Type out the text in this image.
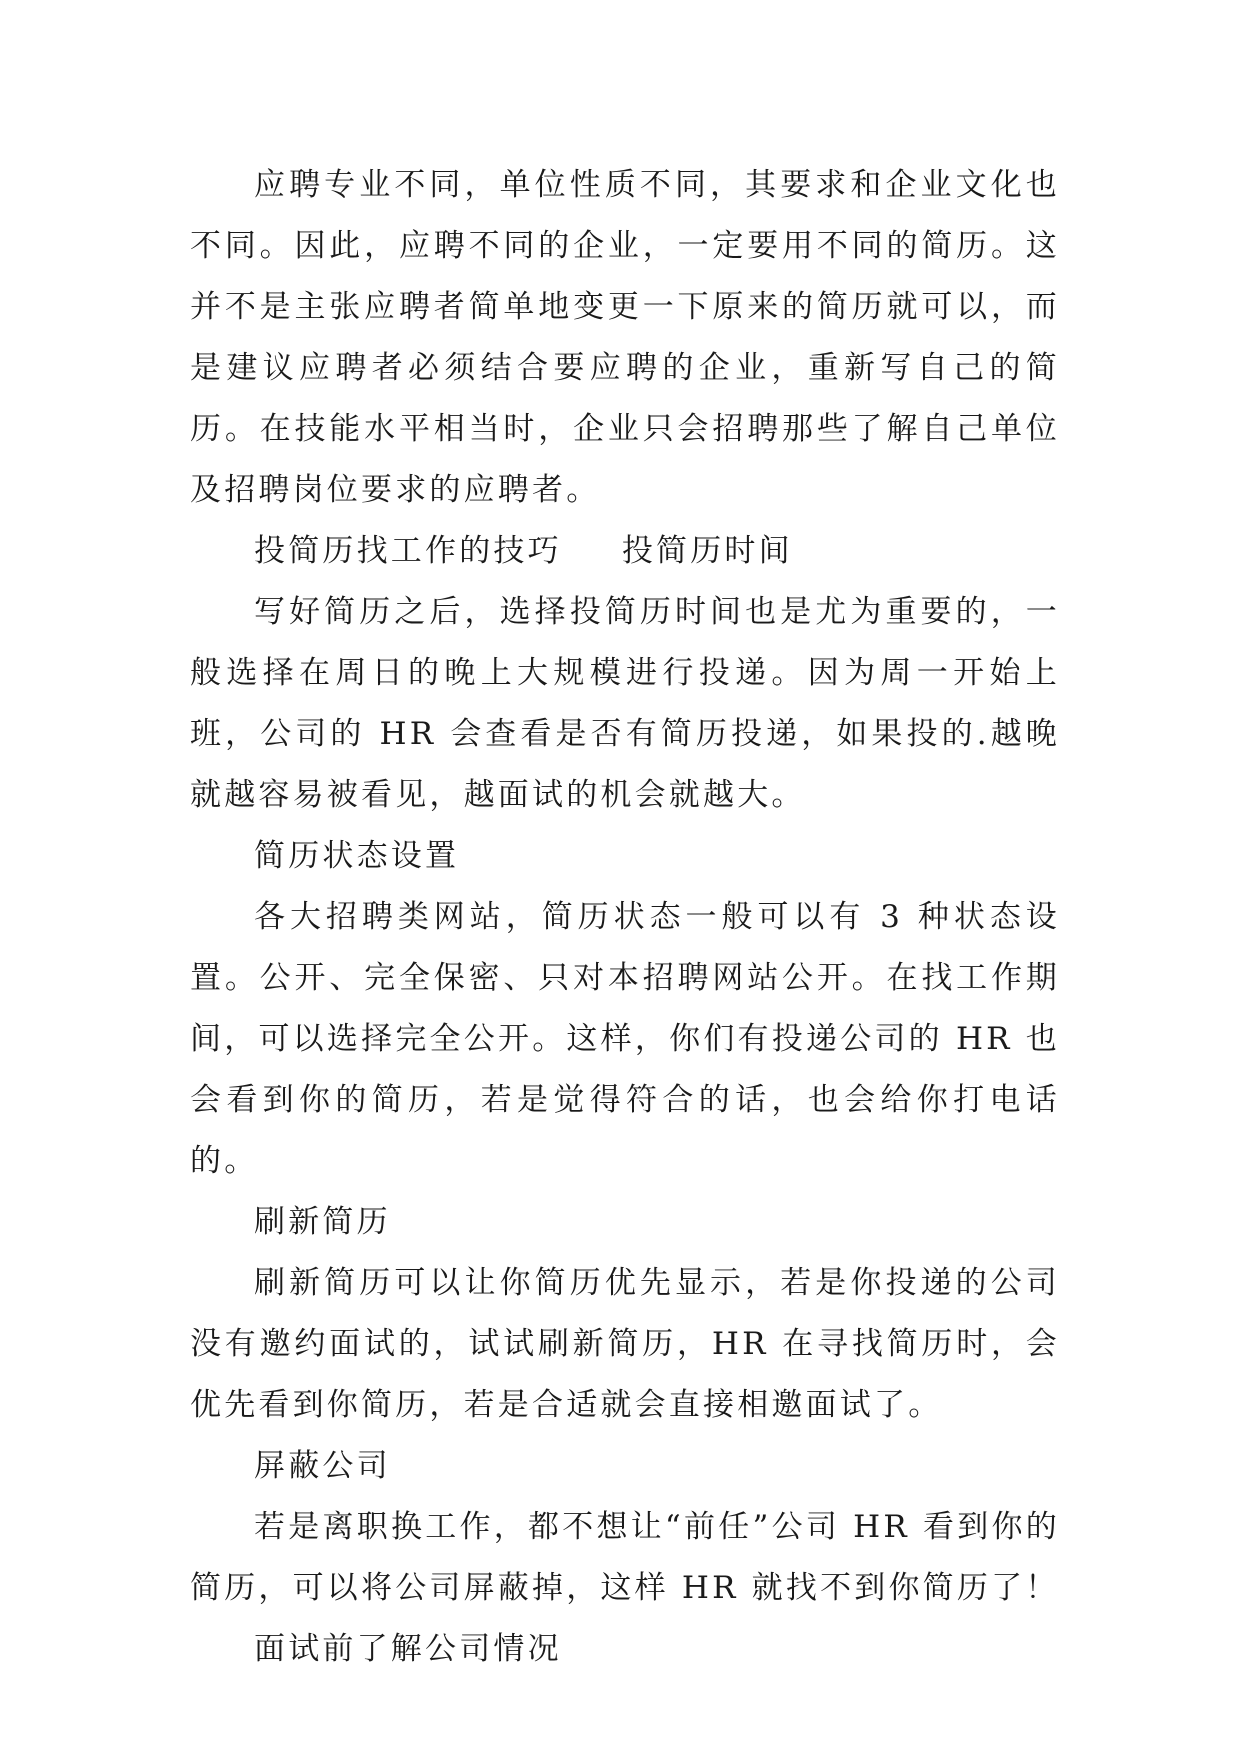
应聘专业不同，单位性质不同，其要求和企业文化也不同。因此，应聘不同的企业，一定要用不同的简历。这并不是主张应聘者简单地变更一下原来的简历就可以，而是建议应聘者必须结合要应聘的企业，重新写自己的简历。在技能水平相当时，企业只会招聘那些了解自己单位及招聘岗位要求的应聘者。

投简历找工作的技巧 投简历时间

写好简历之后，选择投简历时间也是尤为重要的，一般选择在周日的晚上大规模进行投递。因为周一开始上班，公司的 HR 会查看是否有简历投递，如果投的.越晚就越容易被看见，越面试的机会就越大。

简历状态设置

各大招聘类网站，简历状态一般可以有 3 种状态设置。公开、完全保密、只对本招聘网站公开。在找工作期间，可以选择完全公开。这样，你们有投递公司的 HR 也会看到你的简历，若是觉得符合的话，也会给你打电话的。

刷新简历

刷新简历可以让你简历优先显示，若是你投递的公司没有邀约面试的，试试刷新简历，HR 在寻找简历时，会优先看到你简历，若是合适就会直接相邀面试了。

屏蔽公司

若是离职换工作，都不想让“前任”公司 HR 看到你的简历，可以将公司屏蔽掉，这样 HR 就找不到你简历了！

面试前了解公司情况
